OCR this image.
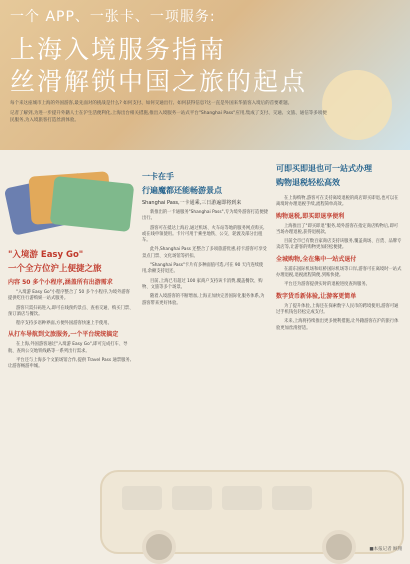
一个 APP、一张卡、一项服务:
上海入境服务指南
丝滑解锁中国之旅的起点

每个来这座城市上海的外国游客,最先面对的挑战是什么? 如何支付、如何交通出行、如何获得信息?这一直是外国来华旅客入境后的首要难题。

记者了解到,为进一步提升外籍人士在沪生活便利化,上海出台相关措施,推出入境服务一站式平台"Shanghai Pass"应用,集成了支付、交通、文旅、通信等多项便民服务,为入境旅客打造丝滑体验。

"入境游 Easy Go"
一个全方位沪上便捷之旅
内容 50 多个小程序,涵盖所有出游需求

"入境游 Easy Go"小程序整合了 50 多个小程序,为境外游客提供吃住行游购娱一站式服务。

游客只需扫码进入,即可在线预约景点、查看交通、购买门票、预订酒店与餐饮。

程序支持多语种界面,方便外国游客快速上手使用。

从打车导航到文旅服务,一个平台统统搞定

在上海,外国游客通过"入境游 Easy Go",即可完成打车、导航、查询公交地铁线路等一系列出行需求。

平台还与上海多个文旅场馆合作,提供 Travel Pass 通票服务,让游客畅游申城。

一卡在手
行遍魔都还能畅游景点
Shanghai Pass,一卡通乘,三日游遍即将到来

新推出的一卡通服务"Shanghai Pass",专为境外游客打造便捷出行。

游客可在抵达上海后,通过机场、火车站等地的服务网点购买,或在线申领使用。卡片可用于乘坐地铁、公交、轮渡及部分出租车。

此外,Shanghai Pass 还整合了多项旅游优惠,持卡游客可享受景点门票、文化场馆等折扣。

"Shanghai Pass"卡片有多种面值可选,可在 90 天内连续使用,余额支持退还。

目前,上海已有超过 100 家商户支持该卡消费,覆盖餐饮、购物、文旅等多个场景。

随着入境游客的不断增加,上海正加快完善国际化服务体系,为游客带来更好体验。

可即买即退也可一站式办理
购物退税轻松高效

在上海购物,游客可在支持离境退税的商店即买即退,也可以在离境时办理退税手续,流程简单高效。

购物退税,即买即退享便利

上海推出了"即买即退"服务,境外游客在指定商店购物后,即可当场办理退税,获得退税款。

目前全市已有数百家商店支持该服务,覆盖商场、百货、品牌专卖店等,让游客的购物更加轻松便捷。

全城购物,全在集中一站式退付

在浦东国际机场和虹桥国际机场等口岸,游客可在离境时一站式办理退税,退税流程简便,到账快捷。

平台还为游客提供实时的退税进度查询服务。

数字货币新体验,让游客更简单

为了提升体验,上海还在探索数字人民币的跨境使用,游客可通过手机钱包轻松完成支付。

未来,上海将持续推出更多便利措施,让外籍游客在沪的旅行体验更加丝滑舒适。

■本报记者 顾翔
